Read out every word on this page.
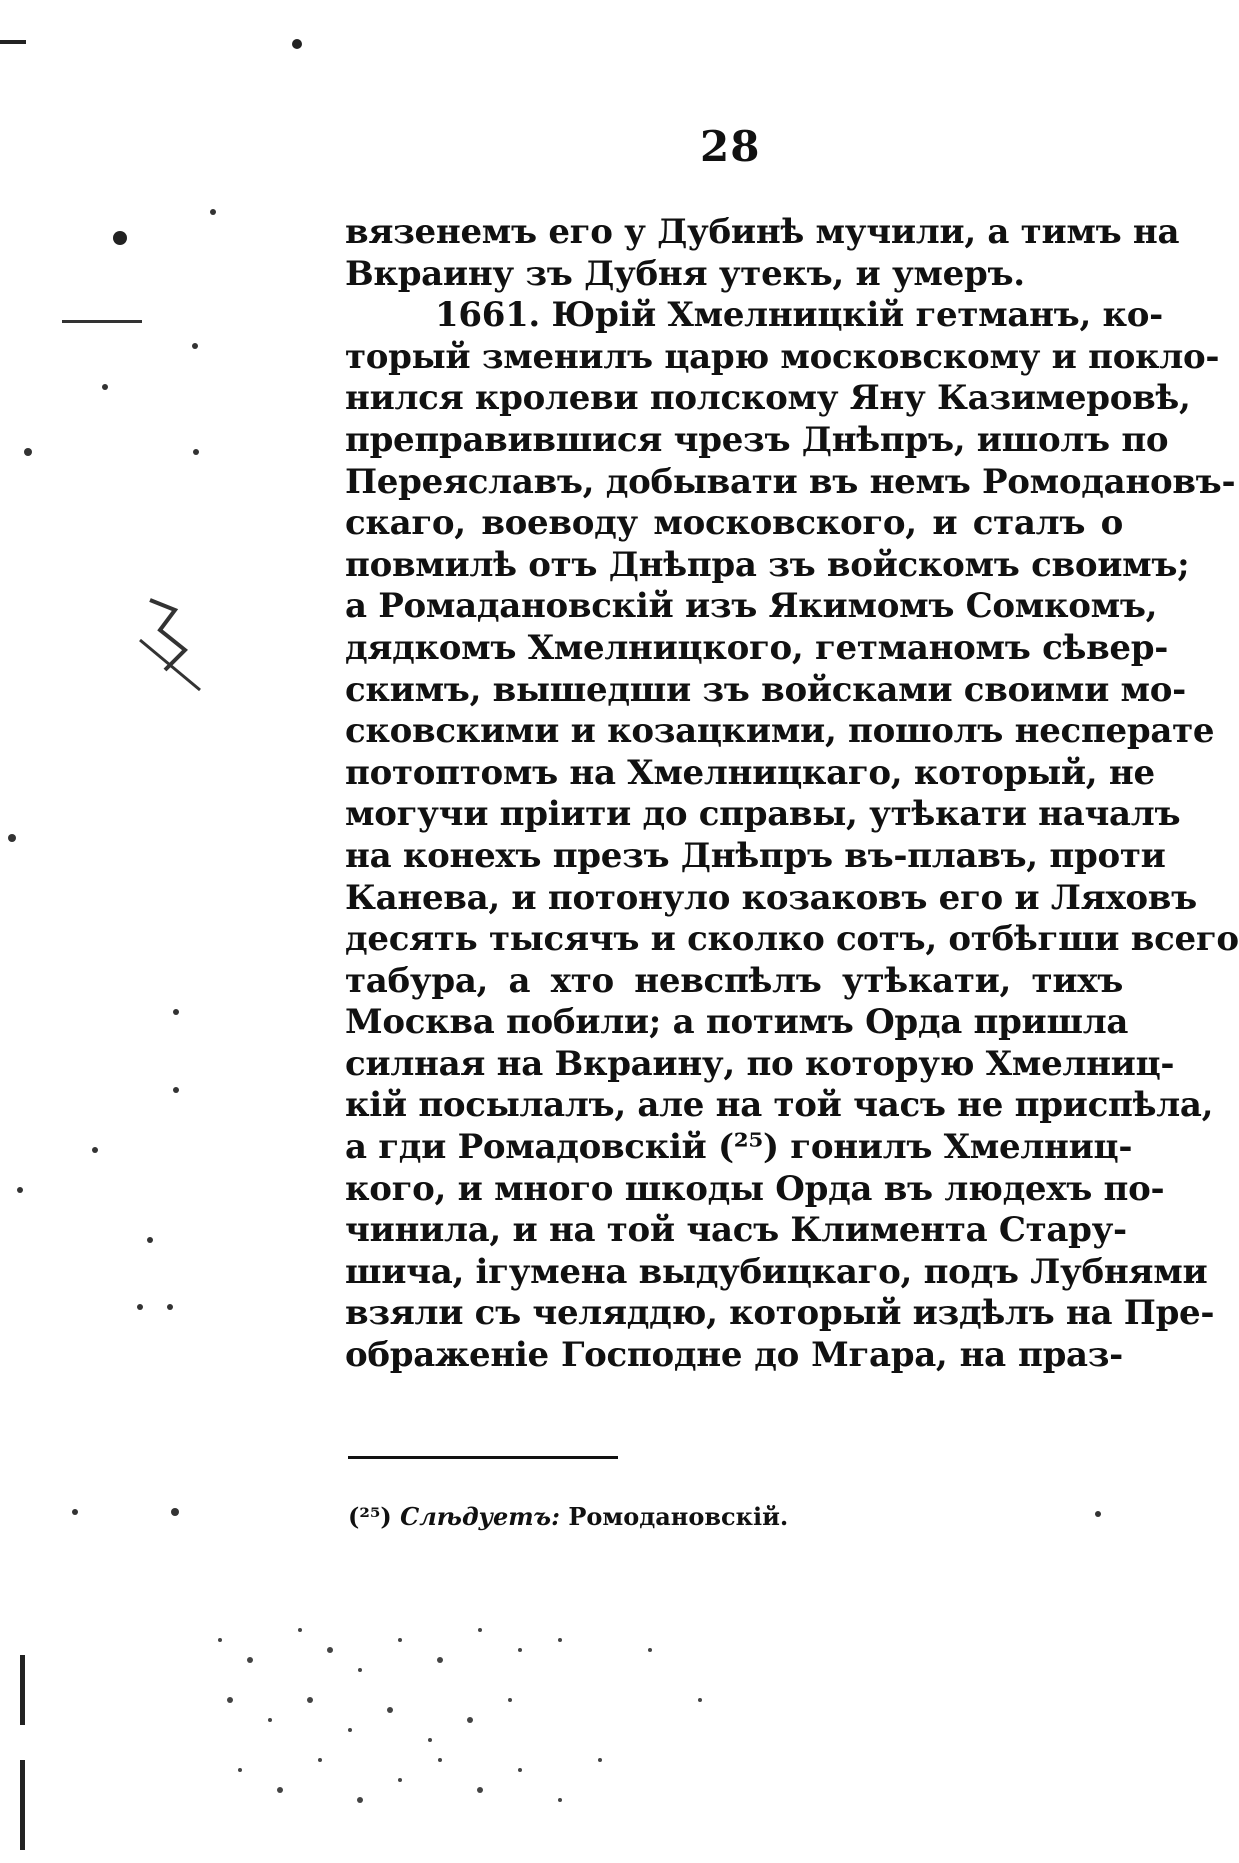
28
вязенемъ его у Дубинѣ мучили, а тимъ на
Вкраину зъ Дубня утекъ, и умеръ.
1661. Юрій Хмелницкій гетманъ, ко-
торый зменилъ царю московскому и покло-
нился кролеви полскому Яну Казимеровѣ,
преправившися чрезъ Днѣпръ, ишолъ по
Переяславъ, добывати въ немъ Ромодановъ-
скаго, воеводу московского, и сталъ о
повмилѣ отъ Днѣпра зъ войскомъ своимъ;
а Ромадановскій изъ Якимомъ Сомкомъ,
дядкомъ Хмелницкого, гетманомъ сѣвер-
скимъ, вышедши зъ войсками своими мо-
сковскими и козацкими, пошолъ несперате
потоптомъ на Хмелницкаго, который, не
могучи пріити до справы, утѣкати началъ
на конехъ презъ Днѣпръ въ-плавъ, проти
Канева, и потонуло козаковъ его и Ляховъ
десять тысячъ и сколко сотъ, отбѣгши всего
табура, а хто невспѣлъ утѣкати, тихъ
Москва побили; а потимъ Орда пришла
силная на Вкраину, по которую Хмелниц-
кій посылалъ, але на той часъ не приспѣла,
а гди Ромадовскій (²⁵) гонилъ Хмелниц-
кого, и много шкоды Орда въ людехъ по-
чинила, и на той часъ Климента Стару-
шича, ігумена выдубицкаго, подъ Лубнями
взяли съ челяддю, который издѣлъ на Пре-
ображеніе Господне до Мгара, на праз-
(²⁵) Слѣдуетъ: Ромодановскій.
